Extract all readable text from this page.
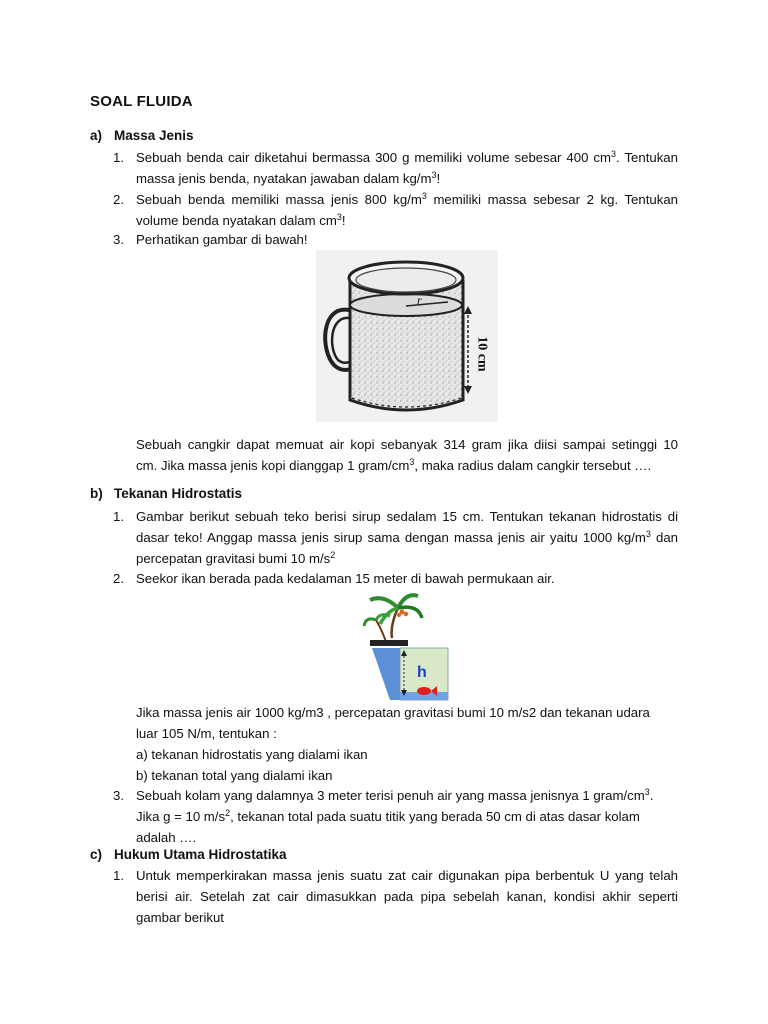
SOAL FLUIDA
a) Massa Jenis
1. Sebuah benda cair diketahui bermassa 300 g memiliki volume sebesar 400 $cm^3$. Tentukan
massa jenis benda, nyatakan jawaban dalam $kg/m^3$!
2. Sebuah benda memiliki massa jenis 800 $kg/m^3$ memiliki massa sebesar 2 kg. Tentukan
volume benda nyatakan dalam $cm^3$!
3. Perhatikan gambar di bawah!
r
10 cm
Sebuah cangkir dapat memuat air kopi sebanyak 314 gram jika diisi sampai setinggi 10
cm. Jika massa jenis kopi dianggap 1 gram/$cm^3$, maka radius dalam cangkir tersebut ….
b) Tekanan Hidrostatis
1. Gambar berikut sebuah teko berisi sirup sedalam 15 cm. Tentukan tekanan hidrostatis di
dasar teko! Anggap massa jenis sirup sama dengan massa jenis air yaitu 1000 $kg/m^3$ dan
percepatan gravitasi bumi 10 $m/s^2$
2. Seekor ikan berada pada kedalaman 15 meter di bawah permukaan air.
h
Jika massa jenis air 1000 kg/m3 , percepatan gravitasi bumi 10 m/s2 dan tekanan udara
luar 105 N/m, tentukan :
a) tekanan hidrostatis yang dialami ikan
b) tekanan total yang dialami ikan
3. Sebuah kolam yang dalamnya 3 meter terisi penuh air yang massa jenisnya 1 gram/$cm^3$.
Jika g = 10 $m/s^2$, tekanan total pada suatu titik yang berada 50 cm di atas dasar kolam
adalah ….
c) Hukum Utama Hidrostatika
1. Untuk memperkirakan massa jenis suatu zat cair digunakan pipa berbentuk U yang telah
berisi air. Setelah zat cair dimasukkan pada pipa sebelah kanan, kondisi akhir seperti
gambar berikut
